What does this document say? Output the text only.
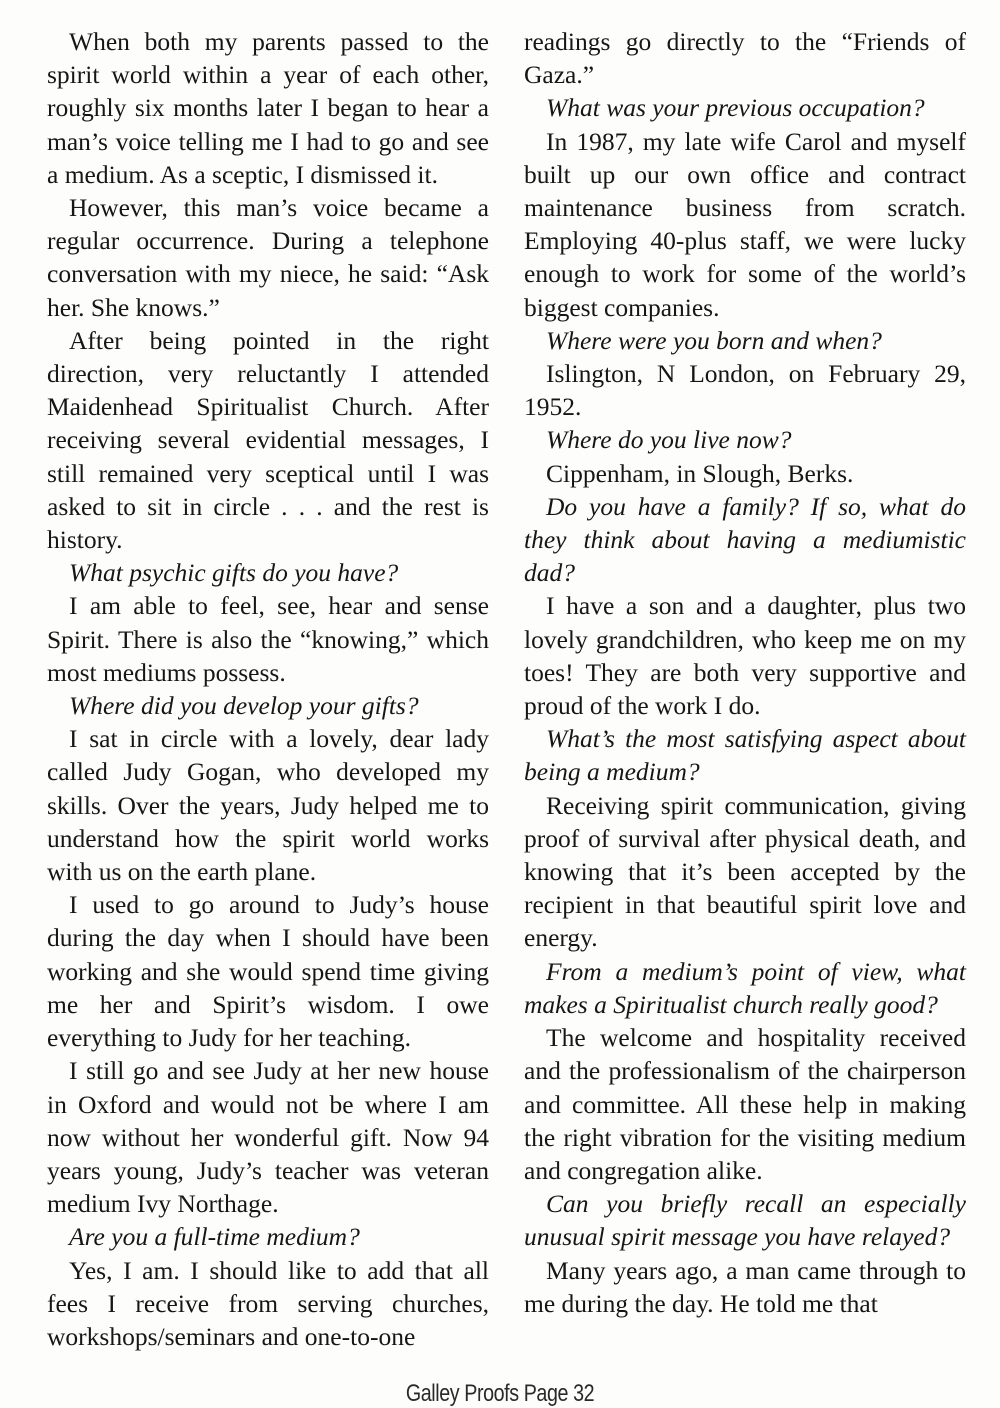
When both my parents passed to the spirit world within a year of each other, roughly six months later I began to hear a man’s voice telling me I had to go and see a medium. As a sceptic, I dismissed it.

However, this man’s voice became a regular occurrence. During a telephone conversation with my niece, he said: “Ask her. She knows.”

After being pointed in the right direction, very reluctantly I attended Maidenhead Spiritualist Church. After receiving several evidential messages, I still remained very sceptical until I was asked to sit in circle . . . and the rest is history.

What psychic gifts do you have?

I am able to feel, see, hear and sense Spirit. There is also the “knowing,” which most mediums possess.

Where did you develop your gifts?

I sat in circle with a lovely, dear lady called Judy Gogan, who developed my skills. Over the years, Judy helped me to understand how the spirit world works with us on the earth plane.

I used to go around to Judy’s house during the day when I should have been working and she would spend time giving me her and Spirit’s wisdom. I owe everything to Judy for her teaching.

I still go and see Judy at her new house in Oxford and would not be where I am now without her wonderful gift. Now 94 years young, Judy’s teacher was veteran medium Ivy Northage.

Are you a full-time medium?

Yes, I am. I should like to add that all fees I receive from serving churches, workshops/seminars and one-to-one

readings go directly to the “Friends of Gaza.”

What was your previous occupation?

In 1987, my late wife Carol and myself built up our own office and contract maintenance business from scratch. Employing 40-plus staff, we were lucky enough to work for some of the world’s biggest companies.

Where were you born and when?

Islington, N London, on February 29, 1952.

Where do you live now?

Cippenham, in Slough, Berks.

Do you have a family? If so, what do they think about having a mediumistic dad?

I have a son and a daughter, plus two lovely grandchildren, who keep me on my toes! They are both very supportive and proud of the work I do.

What’s the most satisfying aspect about being a medium?

Receiving spirit communication, giving proof of survival after physical death, and knowing that it’s been accepted by the recipient in that beautiful spirit love and energy.

From a medium’s point of view, what makes a Spiritualist church really good?

The welcome and hospitality received and the professionalism of the chairperson and committee. All these help in making the right vibration for the visiting medium and congregation alike.

Can you briefly recall an especially unusual spirit message you have relayed?

Many years ago, a man came through to me during the day. He told me that

Galley Proofs Page 32
